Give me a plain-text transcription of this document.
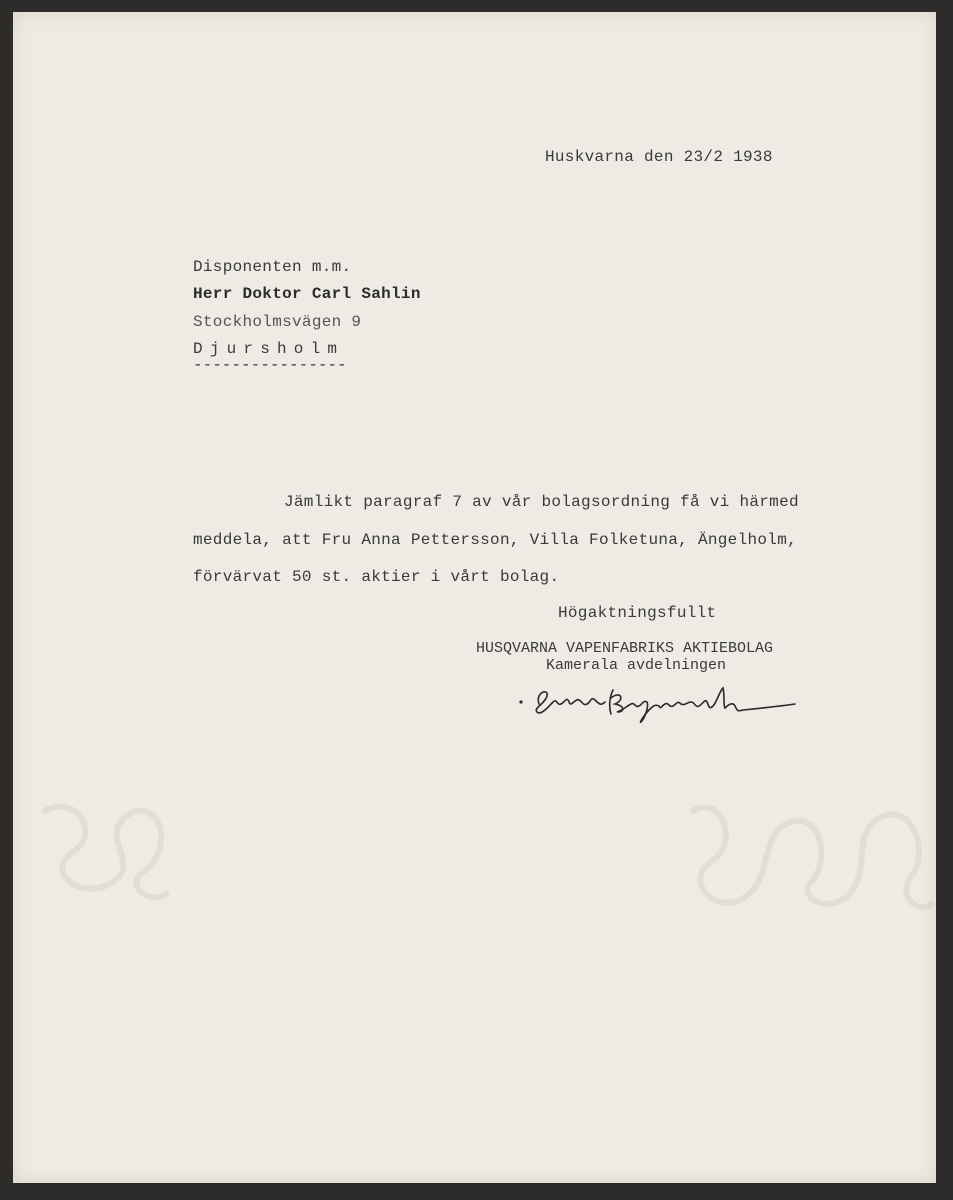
Huskvarna den 23/2 1938
Disponenten m.m.
Herr Doktor Carl Sahlin
Stockholmsvägen 9
Djursholm
----------------
Jämlikt paragraf 7 av vår bolagsordning få vi härmed
meddela, att Fru Anna Pettersson, Villa Folketuna, Ängelholm,
förvärvat 50 st. aktier i vårt bolag.
Högaktningsfullt
HUSQVARNA VAPENFABRIKS AKTIEBOLAG
Kamerala avdelningen
